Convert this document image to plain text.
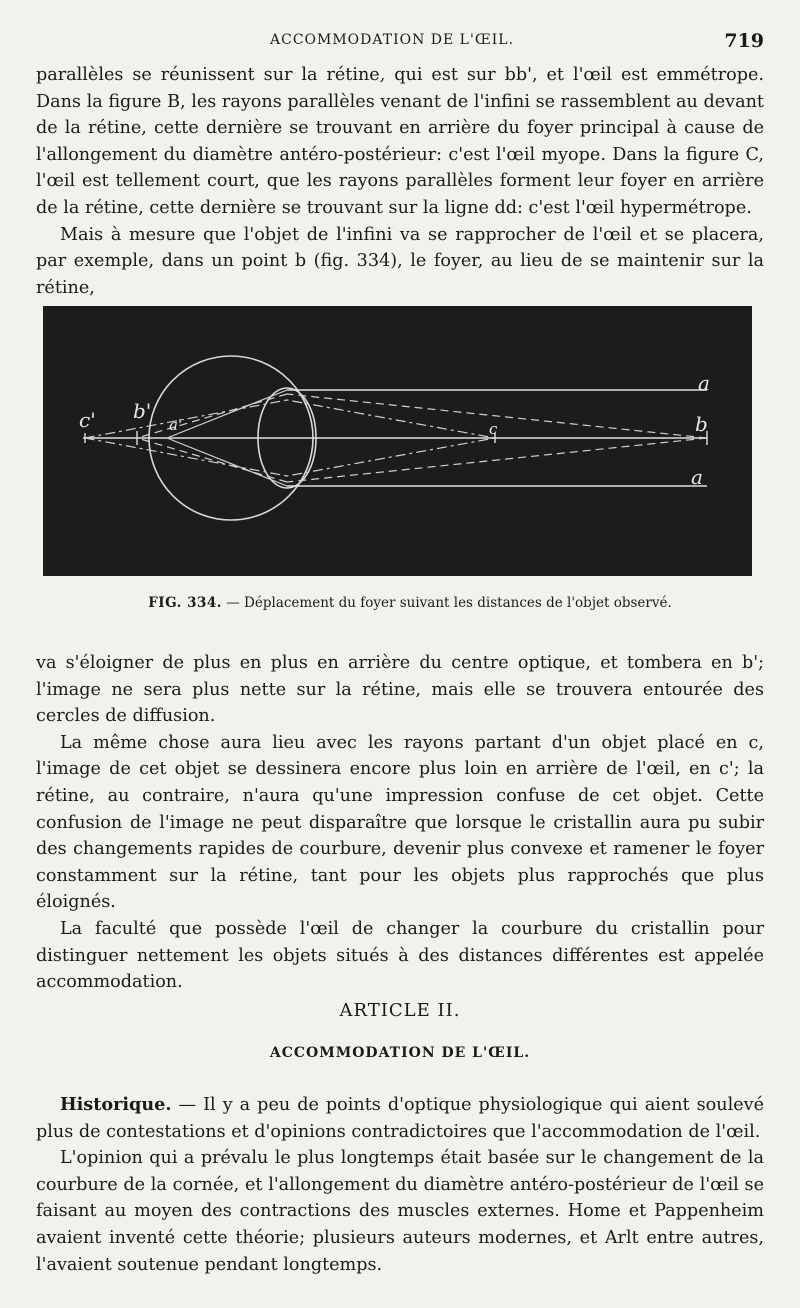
ACCOMMODATION DE L'ŒIL.	719

parallèles se réunissent sur la rétine, qui est sur bb', et l'œil est emmétrope. Dans la figure B, les rayons parallèles venant de l'infini se rassemblent au devant de la rétine, cette dernière se trouvant en arrière du foyer principal à cause de l'allongement du diamètre antéro-postérieur: c'est l'œil myope. Dans la figure C, l'œil est tellement court, que les rayons parallèles forment leur foyer en arrière de la rétine, cette dernière se trouvant sur la ligne dd: c'est l'œil hypermétrope.

Mais à mesure que l'objet de l'infini va se rapprocher de l'œil et se placera, par exemple, dans un point b (fig. 334), le foyer, au lieu de se maintenir sur la rétine,

a
b
a
c' b'
a'	c
FIG. 334. — Déplacement du foyer suivant les distances de l'objet observé.

va s'éloigner de plus en plus en arrière du centre optique, et tombera en b'; l'image ne sera plus nette sur la rétine, mais elle se trouvera entourée des cercles de diffusion.

La même chose aura lieu avec les rayons partant d'un objet placé en c, l'image de cet objet se dessinera encore plus loin en arrière de l'œil, en c'; la rétine, au contraire, n'aura qu'une impression confuse de cet objet. Cette confusion de l'image ne peut disparaître que lorsque le cristallin aura pu subir des changements rapides de courbure, devenir plus convexe et ramener le foyer constamment sur la rétine, tant pour les objets plus rapprochés que plus éloignés.

La faculté que possède l'œil de changer la courbure du cristallin pour distinguer nettement les objets situés à des distances différentes est appelée accommodation.

ARTICLE II.
ACCOMMODATION DE L'ŒIL.

Historique. — Il y a peu de points d'optique physiologique qui aient soulevé plus de contestations et d'opinions contradictoires que l'accommodation de l'œil.

L'opinion qui a prévalu le plus longtemps était basée sur le changement de la courbure de la cornée, et l'allongement du diamètre antéro-postérieur de l'œil se faisant au moyen des contractions des muscles externes. Home et Pappenheim avaient inventé cette théorie; plusieurs auteurs modernes, et Arlt entre autres, l'avaient soutenue pendant longtemps.
